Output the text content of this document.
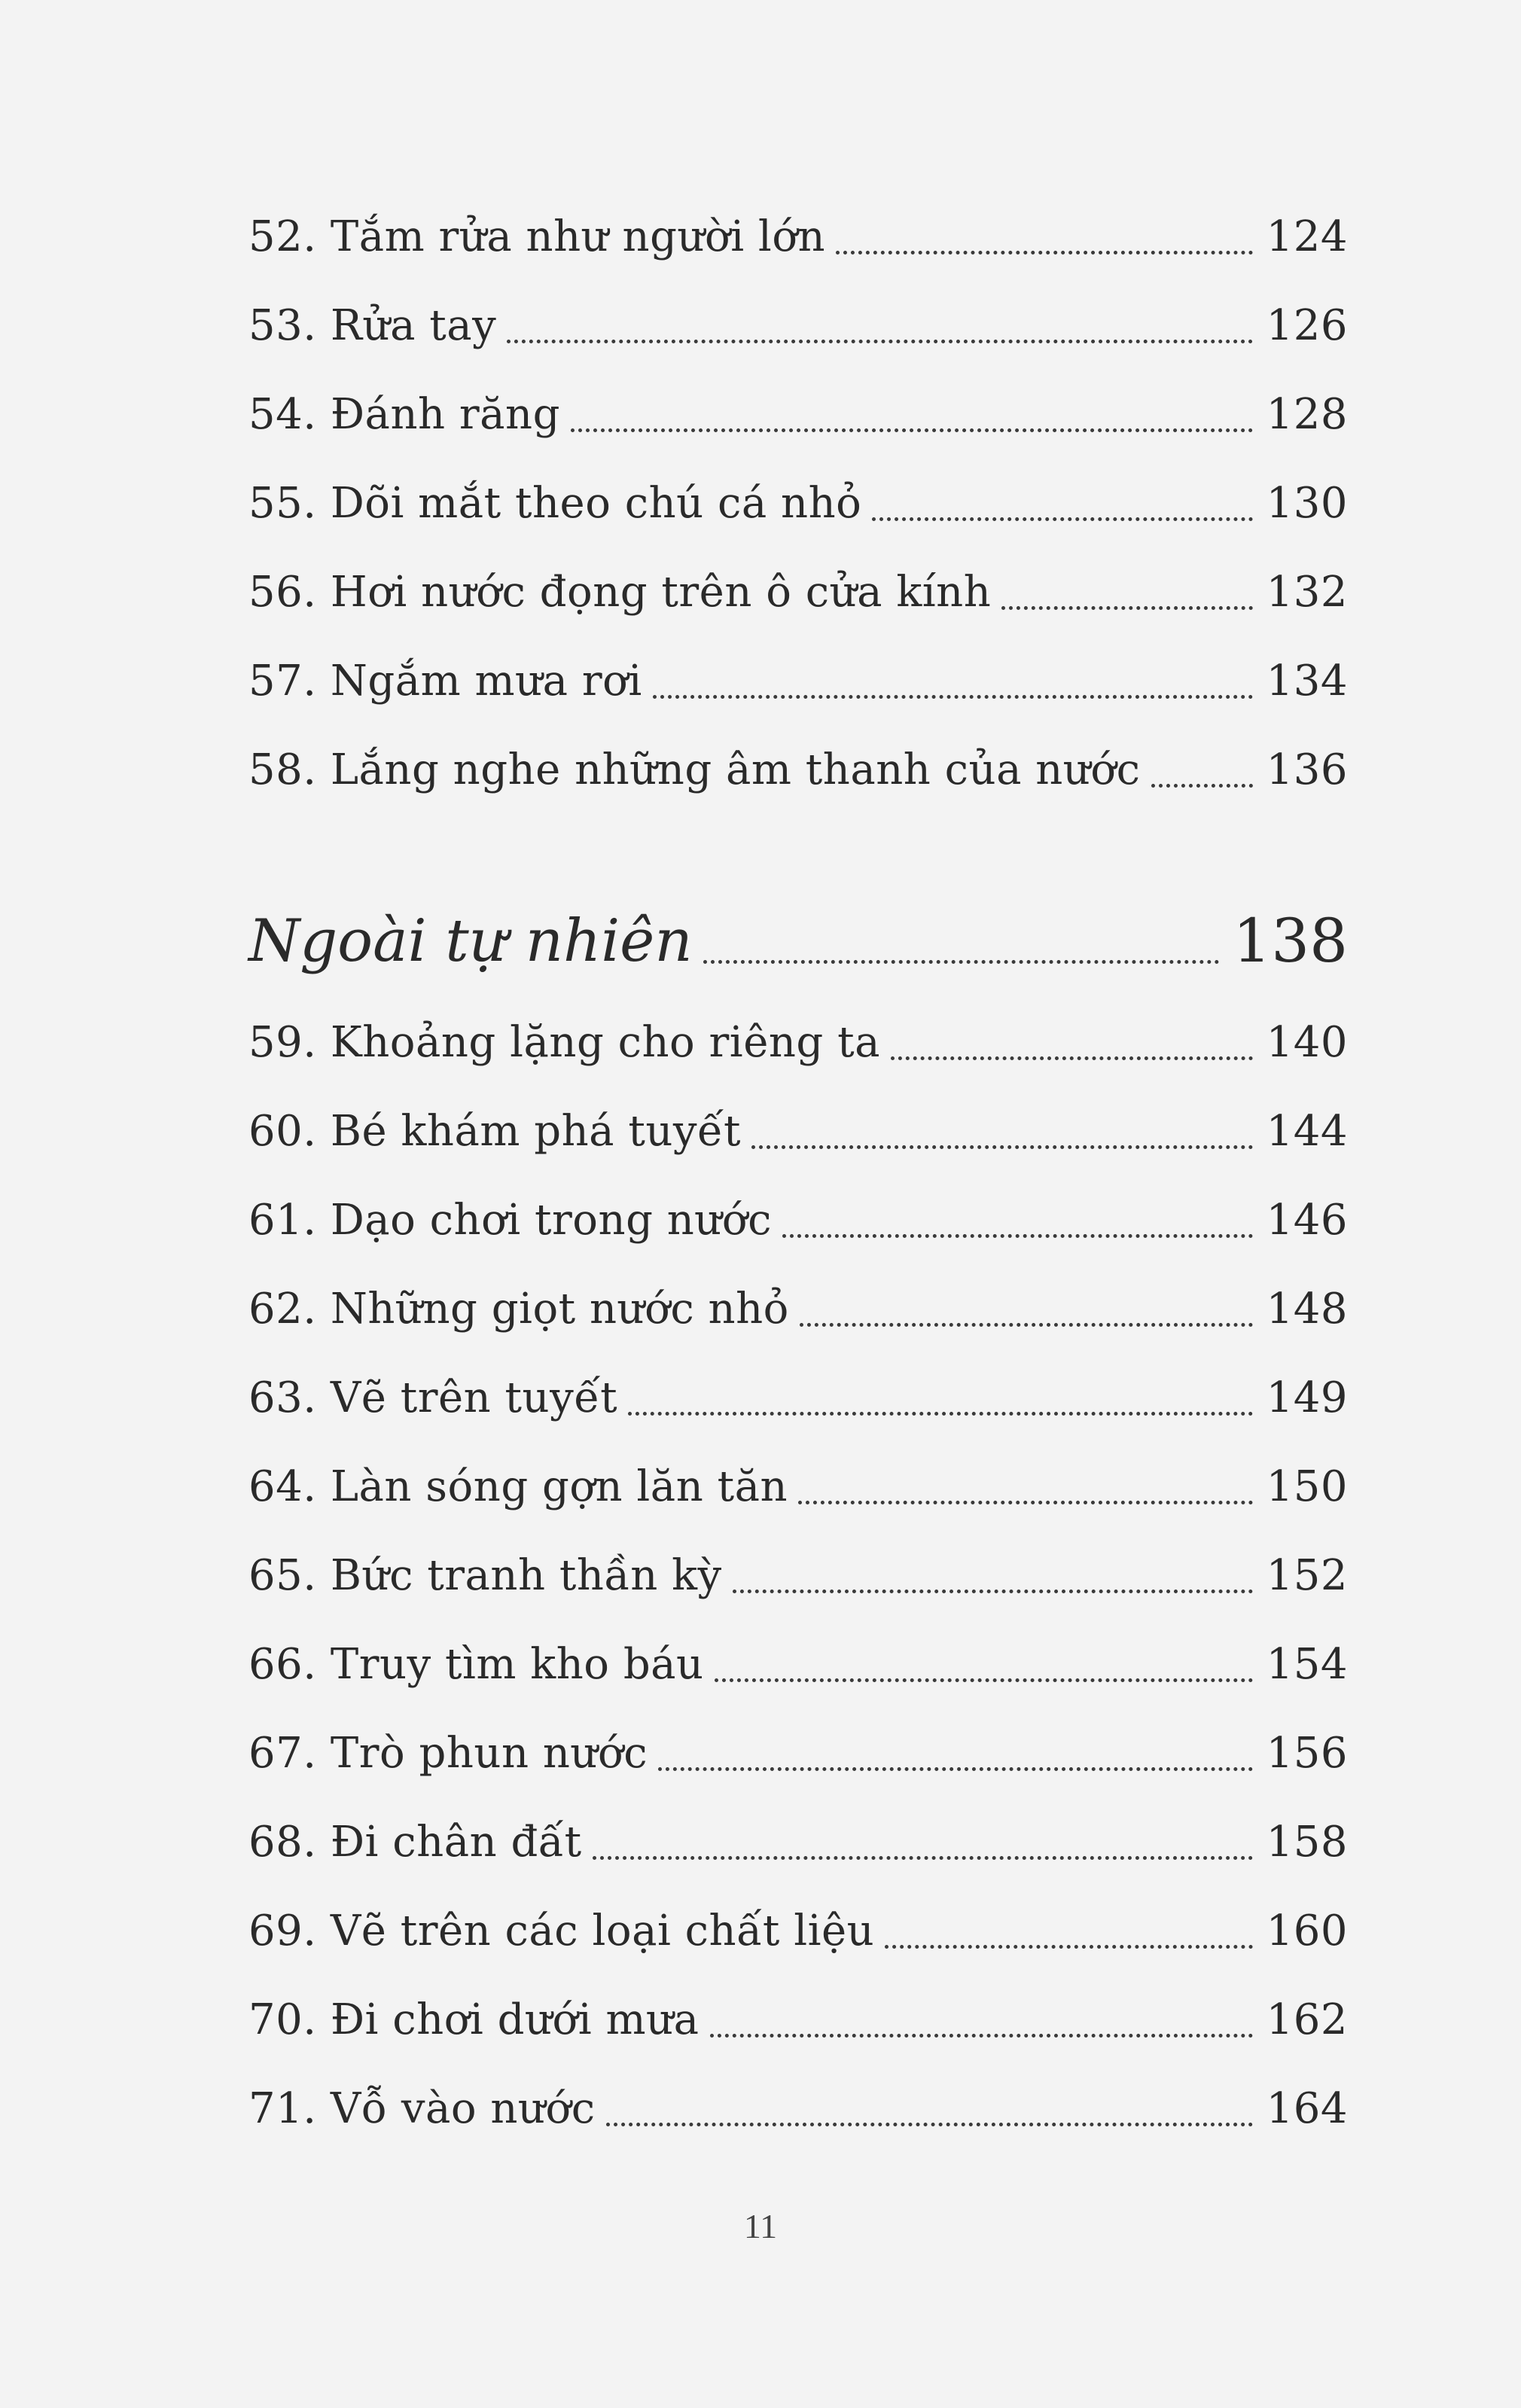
52. Tắm rửa như người lớn	124
53. Rửa tay	126
54. Đánh răng	128
55. Dõi mắt theo chú cá nhỏ	130
56. Hơi nước đọng trên ô cửa kính	132
57. Ngắm mưa rơi	134
58. Lắng nghe những âm thanh của nước	136
Ngoài tự nhiên	138
59. Khoảng lặng cho riêng ta	140
60. Bé khám phá tuyết	144
61. Dạo chơi trong nước	146
62. Những giọt nước nhỏ	148
63. Vẽ trên tuyết	149
64. Làn sóng gợn lăn tăn	150
65. Bức tranh thần kỳ	152
66. Truy tìm kho báu	154
67. Trò phun nước	156
68. Đi chân đất	158
69. Vẽ trên các loại chất liệu	160
70. Đi chơi dưới mưa	162
71. Vỗ vào nước	164
11
